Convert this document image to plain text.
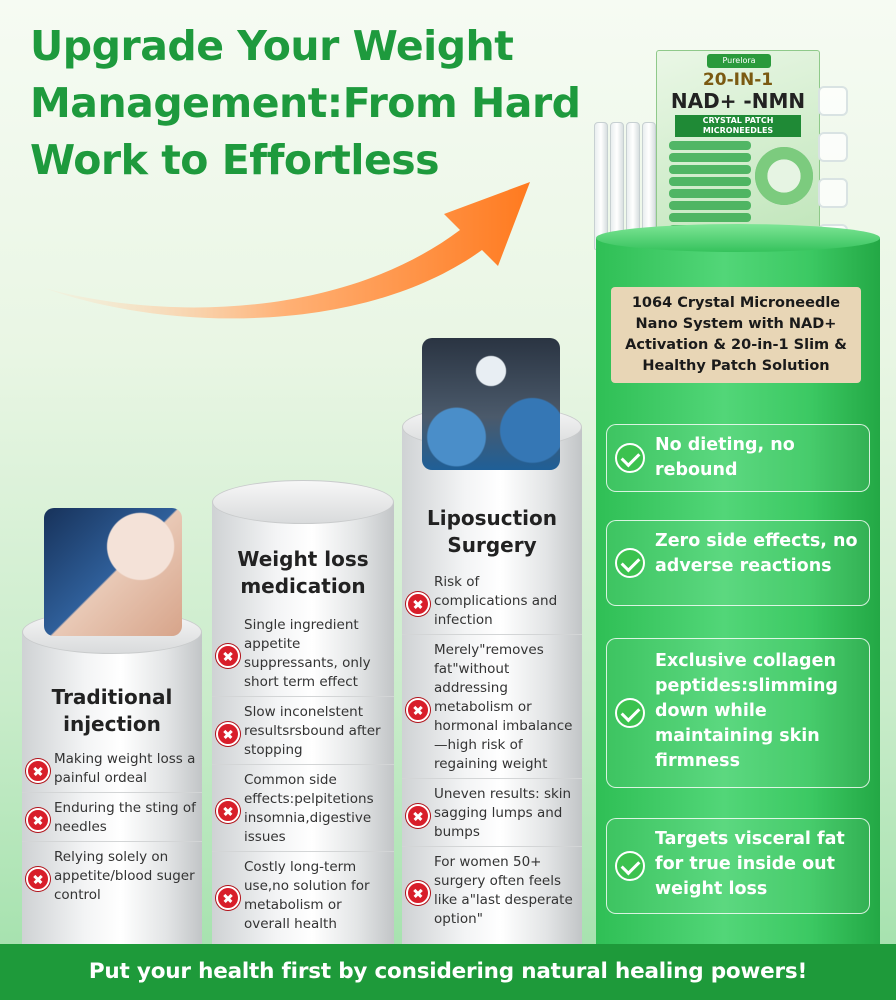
Upgrade Your Weight
Management:From Hard
Work to Effortless
Purelora
20-IN-1
NAD+ -NMN
CRYSTAL PATCH MICRONEEDLES
Traditional injection
Making weight loss a painful ordeal
Enduring the sting of needles
Relying solely on appetite/blood suger control
Weight loss medication
Single ingredient appetite suppressants, only short term effect
Slow inconelstent resultsrsbound after stopping
Common side effects:pelpitetions insomnia,digestive issues
Costly long-term use,no solution for metabolism or overall health
Liposuction Surgery
Risk of complications and infection
Merely"removes fat"without addressing metabolism or hormonal imbalance —high risk of regaining weight
Uneven results: skin sagging lumps and bumps
For women 50+ surgery often feels like a"last desperate option"
1064 Crystal Microneedle Nano System with NAD+ Activation & 20-in-1 Slim & Healthy Patch Solution
No dieting, no rebound
Zero side effects, no adverse reactions
Exclusive collagen peptides:slimming down while maintaining skin firmness
Targets visceral fat for true inside out weight loss
Put your health first by considering natural healing powers!
